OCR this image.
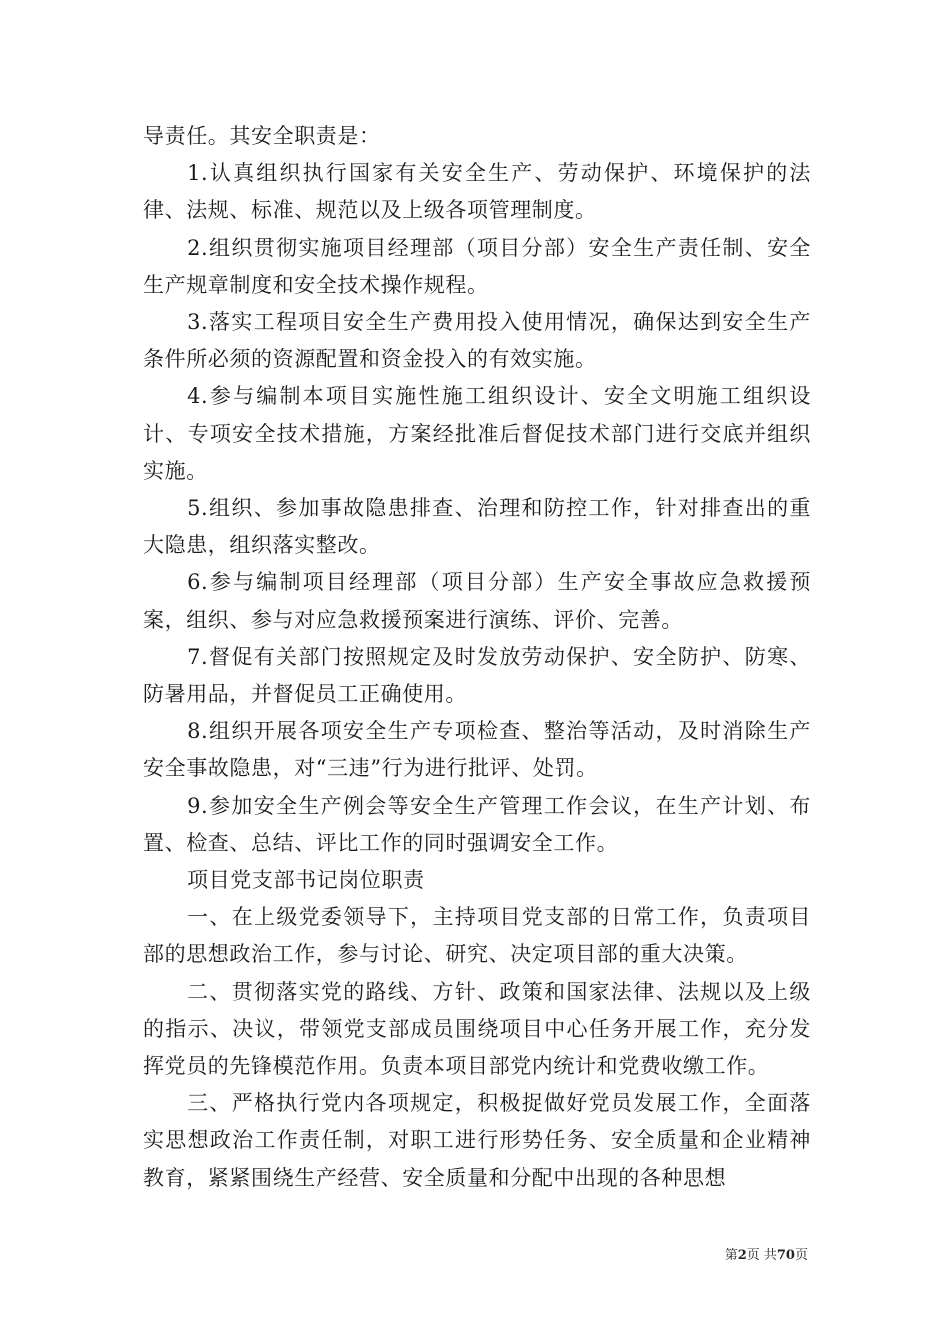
导责任。其安全职责是：

1.认真组织执行国家有关安全生产、劳动保护、环境保护的法律、法规、标准、规范以及上级各项管理制度。

2.组织贯彻实施项目经理部（项目分部）安全生产责任制、安全生产规章制度和安全技术操作规程。

3.落实工程项目安全生产费用投入使用情况，确保达到安全生产条件所必须的资源配置和资金投入的有效实施。

4.参与编制本项目实施性施工组织设计、安全文明施工组织设计、专项安全技术措施，方案经批准后督促技术部门进行交底并组织实施。

5.组织、参加事故隐患排查、治理和防控工作，针对排查出的重大隐患，组织落实整改。

6.参与编制项目经理部（项目分部）生产安全事故应急救援预案，组织、参与对应急救援预案进行演练、评价、完善。

7.督促有关部门按照规定及时发放劳动保护、安全防护、防寒、防暑用品，并督促员工正确使用。

8.组织开展各项安全生产专项检查、整治等活动，及时消除生产安全事故隐患，对“三违”行为进行批评、处罚。

9.参加安全生产例会等安全生产管理工作会议，在生产计划、布置、检查、总结、评比工作的同时强调安全工作。

项目党支部书记岗位职责

一、在上级党委领导下，主持项目党支部的日常工作，负责项目部的思想政治工作，参与讨论、研究、决定项目部的重大决策。

二、贯彻落实党的路线、方针、政策和国家法律、法规以及上级的指示、决议，带领党支部成员围绕项目中心任务开展工作，充分发挥党员的先锋模范作用。负责本项目部党内统计和党费收缴工作。

三、严格执行党内各项规定，积极捉做好党员发展工作，全面落实思想政治工作责任制，对职工进行形势任务、安全质量和企业精神教育，紧紧围绕生产经营、安全质量和分配中出现的各种思想

第2页 共70页
